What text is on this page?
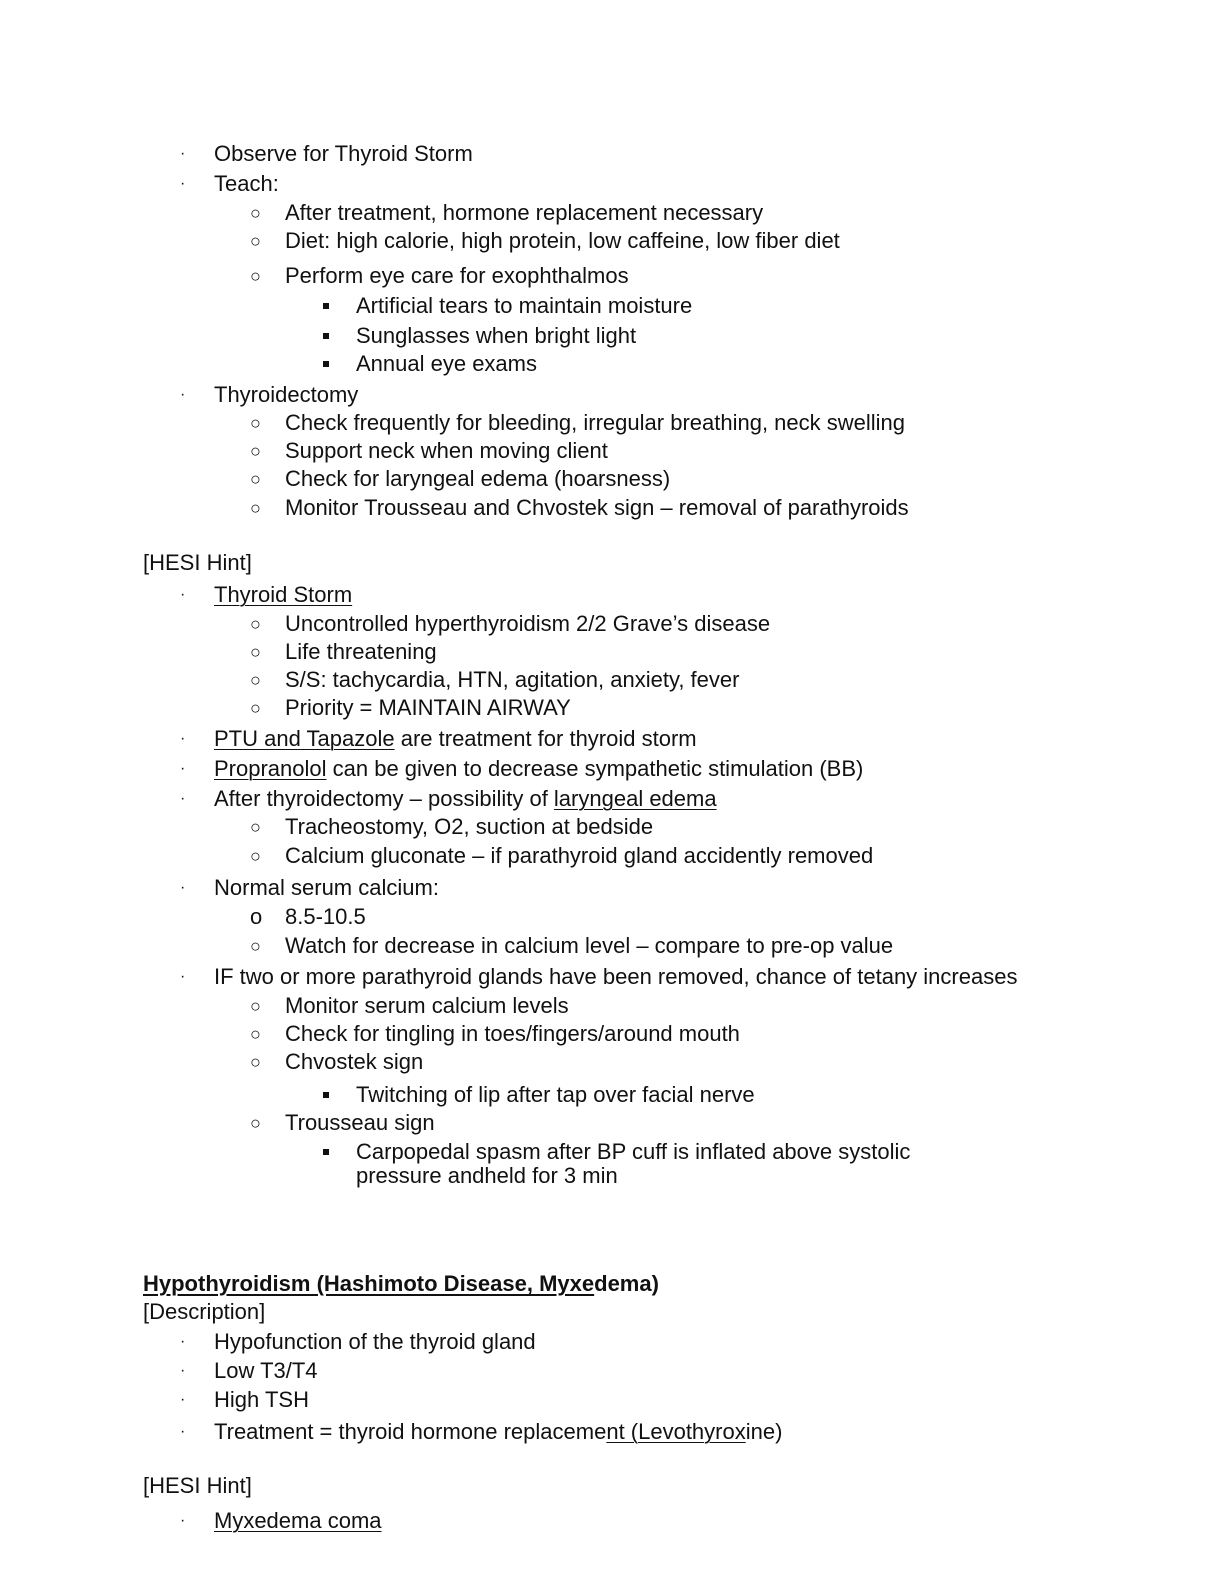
· Observe for Thyroid Storm
· Teach:
○ After treatment, hormone replacement necessary
○ Diet: high calorie, high protein, low caffeine, low fiber diet
○ Perform eye care for exophthalmos
Artificial tears to maintain moisture
Sunglasses when bright light
Annual eye exams
· Thyroidectomy
○ Check frequently for bleeding, irregular breathing, neck swelling
○ Support neck when moving client
○ Check for laryngeal edema (hoarsness)
○ Monitor Trousseau and Chvostek sign – removal of parathyroids
[HESI Hint]
· Thyroid Storm
○ Uncontrolled hyperthyroidism 2/2 Grave’s disease
○ Life threatening
○ S/S: tachycardia, HTN, agitation, anxiety, fever
○ Priority = MAINTAIN AIRWAY
· PTU and Tapazole are treatment for thyroid storm
· Propranolol can be given to decrease sympathetic stimulation (BB)
· After thyroidectomy – possibility of laryngeal edema
○ Tracheostomy, O2, suction at bedside
○ Calcium gluconate – if parathyroid gland accidently removed
· Normal serum calcium:
o 8.5-10.5
○ Watch for decrease in calcium level – compare to pre-op value
· IF two or more parathyroid glands have been removed, chance of tetany increases
○ Monitor serum calcium levels
○ Check for tingling in toes/fingers/around mouth
○ Chvostek sign
Twitching of lip after tap over facial nerve
○ Trousseau sign
Carpopedal spasm after BP cuff is inflated above systolic
pressure andheld for 3 min
Hypothyroidism (Hashimoto Disease, Myxedema)
[Description]
· Hypofunction of the thyroid gland
· Low T3/T4
· High TSH
· Treatment = thyroid hormone replacement (Levothyroxine)
[HESI Hint]
· Myxedema coma
